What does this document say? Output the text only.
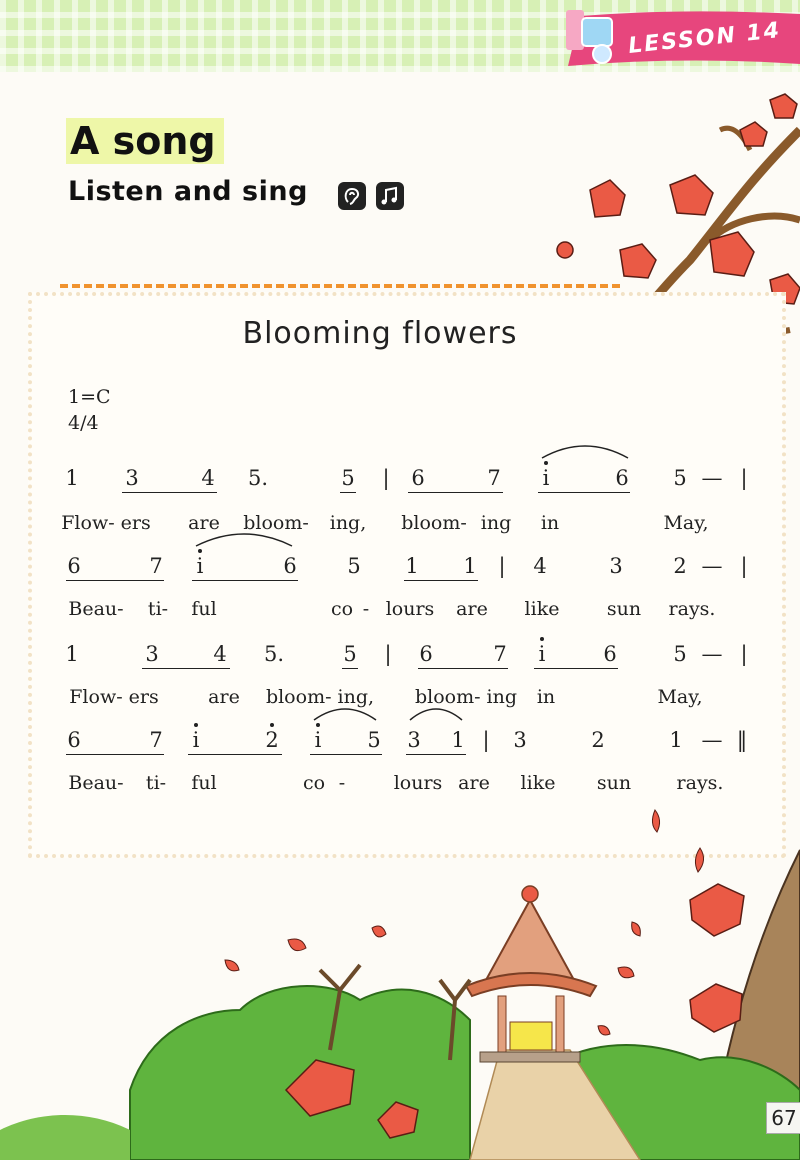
LESSON 14
A song
Listen and sing
Blooming flowers
1=C
4/4
1 3	4 5.	5 | 6	7 i	6 5 — |
Flow- ers are bloom- ing, bloom- ing in	May,
6	7 i	6 5 1 1 | 4	3 2 — |
Beau- ti- ful	co - lours are like sun rays.
1	3	4 5.	5 | 6	7 i	6	5 — |
Flow- ers	are bloom- ing, bloom- ing in	May,
6	7 i	2 i 5 3 1 | 3	2	1 — ‖
Beau- ti- ful	co -	lours are like sun rays.
67
